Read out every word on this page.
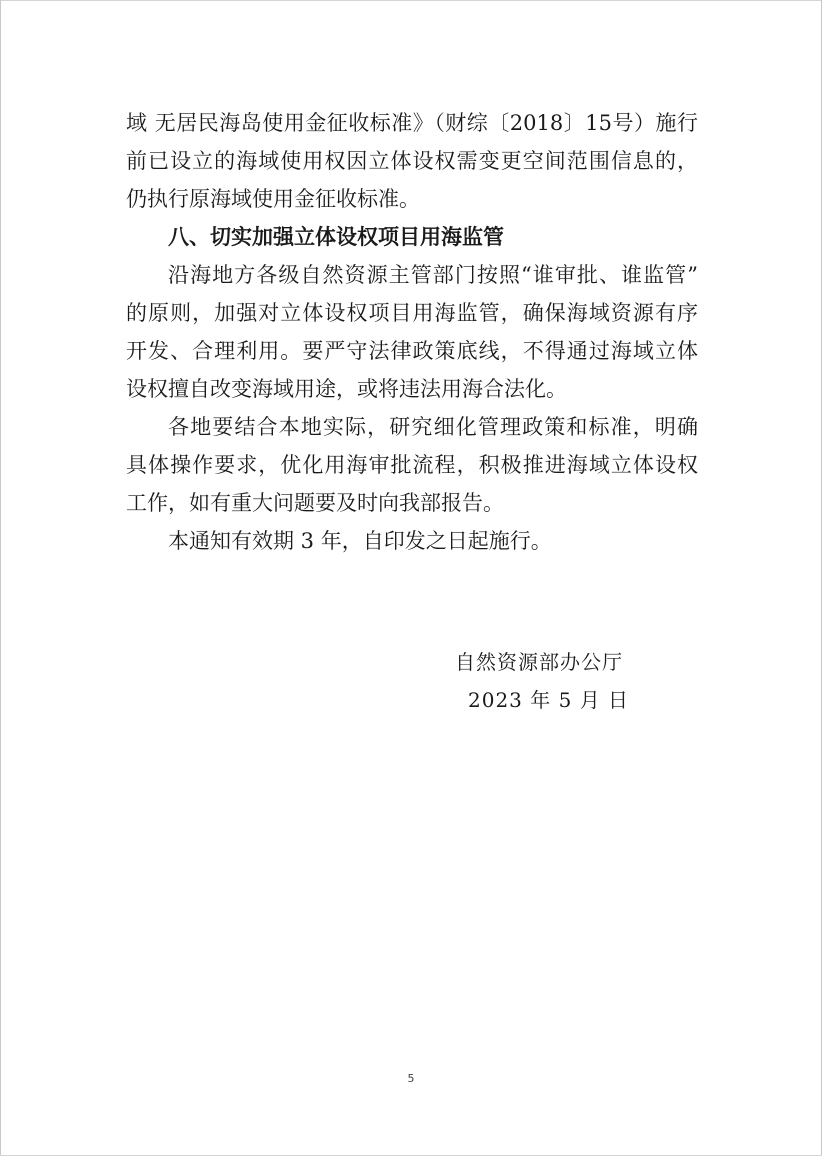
域 无居民海岛使用金征收标准》（财综〔2018〕15号）施行
前已设立的海域使用权因立体设权需变更空间范围信息的，
仍执行原海域使用金征收标准。
八、切实加强立体设权项目用海监管
沿海地方各级自然资源主管部门按照“谁审批、谁监管”
的原则，加强对立体设权项目用海监管，确保海域资源有序
开发、合理利用。要严守法律政策底线，不得通过海域立体
设权擅自改变海域用途，或将违法用海合法化。
各地要结合本地实际，研究细化管理政策和标准，明确
具体操作要求，优化用海审批流程，积极推进海域立体设权
工作，如有重大问题要及时向我部报告。
本通知有效期 3 年，自印发之日起施行。
自然资源部办公厅
2023 年 5 月 日
5
